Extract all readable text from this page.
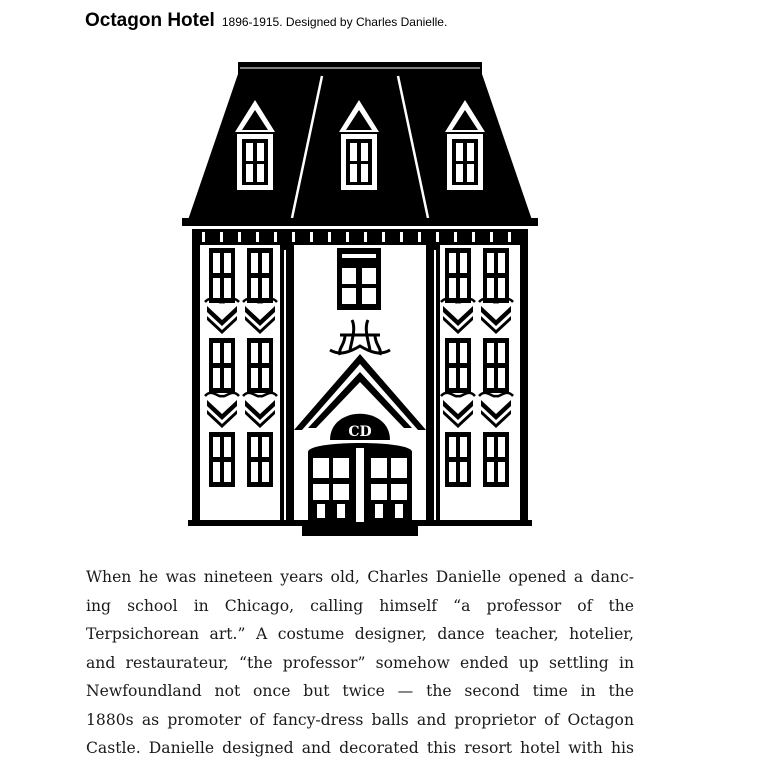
Octagon Hotel 1896-1915. Designed by Charles Danielle.
CD
When he was nineteen years old, Charles Danielle opened a danc-
ing school in Chicago, calling himself “a professor of the
Terpsichorean art.” A costume designer, dance teacher, hotelier,
and restaurateur, “the professor” somehow ended up settling in
Newfoundland not once but twice — the second time in the
1880s as promoter of fancy-dress balls and proprietor of Octagon
Castle. Danielle designed and decorated this resort hotel with his
